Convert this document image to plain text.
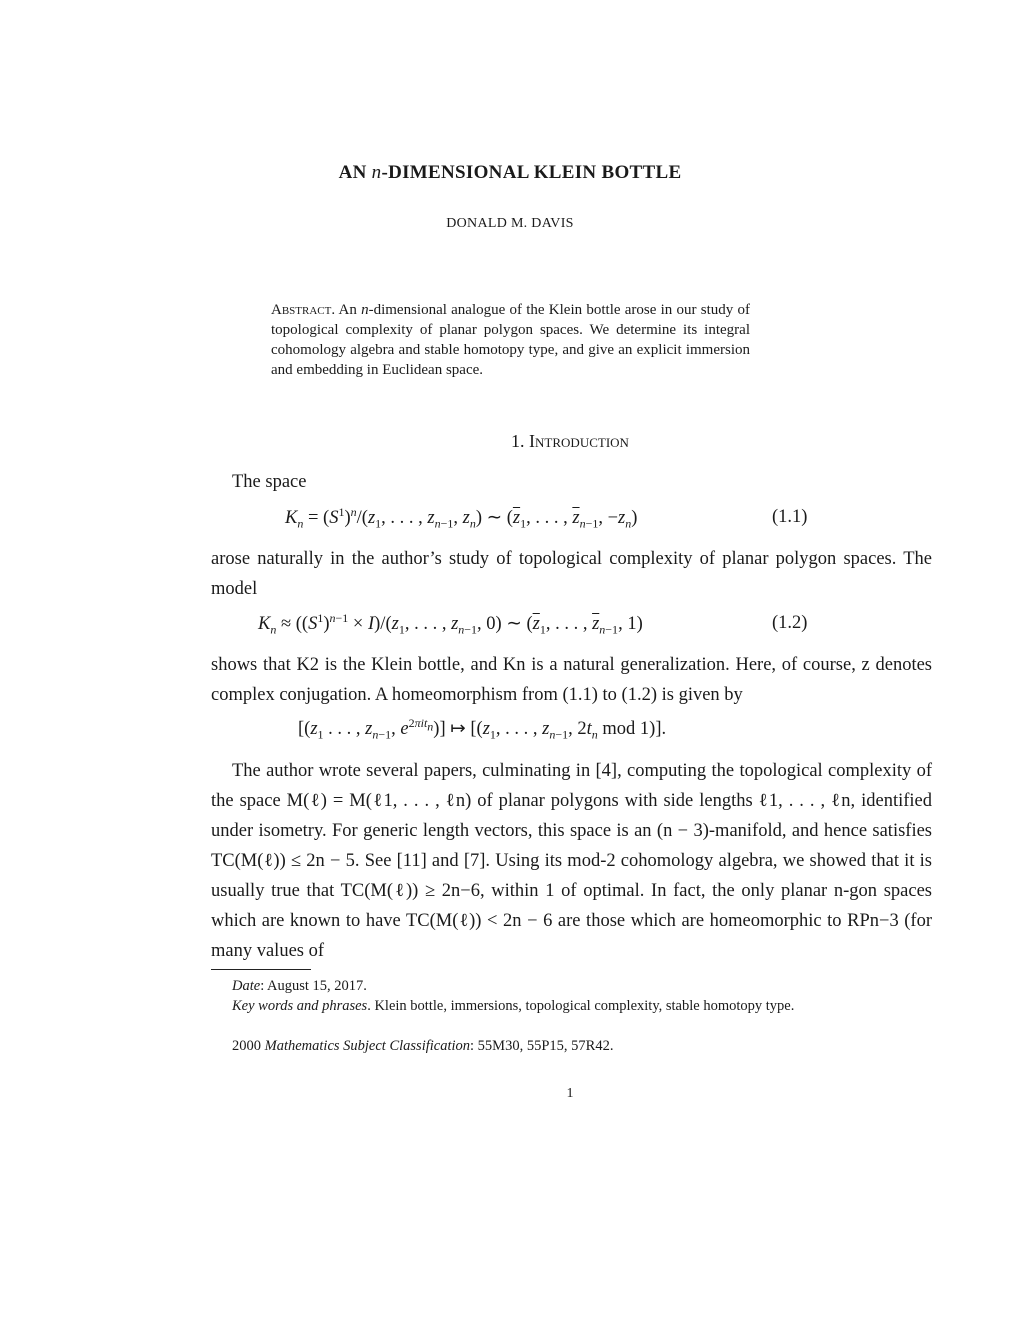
AN n-DIMENSIONAL KLEIN BOTTLE
DONALD M. DAVIS
Abstract. An n-dimensional analogue of the Klein bottle arose in our study of topological complexity of planar polygon spaces. We determine its integral cohomology algebra and stable homotopy type, and give an explicit immersion and embedding in Euclidean space.
1. Introduction
The space
$K_n = (S^1)^n/(z_1$, . . . , $z_{n-1}$, $z_n$) ∼ ($\overline{z}_1$, . . . , $\overline{z}_{n-1}$, $-z_n$)	(1.1)
arose naturally in the author’s study of topological complexity of planar polygon spaces. The model
$K_n \approx ((S^1)^{n-1} \times I)/(z_1$, . . . , $z_{n-1}$, 0) ∼ ($\overline{z}_1$, . . . , $\overline{z}_{n-1}$, 1)	(1.2)
shows that K2 is the Klein bottle, and Kn is a natural generalization. Here, of course, z denotes complex conjugation. A homeomorphism from (1.1) to (1.2) is given by
[($z_1$ . . . , $z_{n-1}$, $e^{2\pi it_n}$)] ↦ [($z_1$, . . . , $z_{n-1}$, $2t_n$ mod 1)].
The author wrote several papers, culminating in [4], computing the topological complexity of the space M(ℓ) = M(ℓ1, . . . , ℓn) of planar polygons with side lengths ℓ1, . . . , ℓn, identified under isometry. For generic length vectors, this space is an (n − 3)-manifold, and hence satisfies TC(M(ℓ)) ≤ 2n − 5. See [11] and [7]. Using its mod-2 cohomology algebra, we showed that it is usually true that TC(M(ℓ)) ≥ 2n−6, within 1 of optimal. In fact, the only planar n-gon spaces which are known to have TC(M(ℓ)) < 2n − 6 are those which are homeomorphic to RPn−3 (for many values of
Date: August 15, 2017.
Key words and phrases. Klein bottle, immersions, topological complexity, stable homotopy type.
2000 Mathematics Subject Classification: 55M30, 55P15, 57R42.
1
